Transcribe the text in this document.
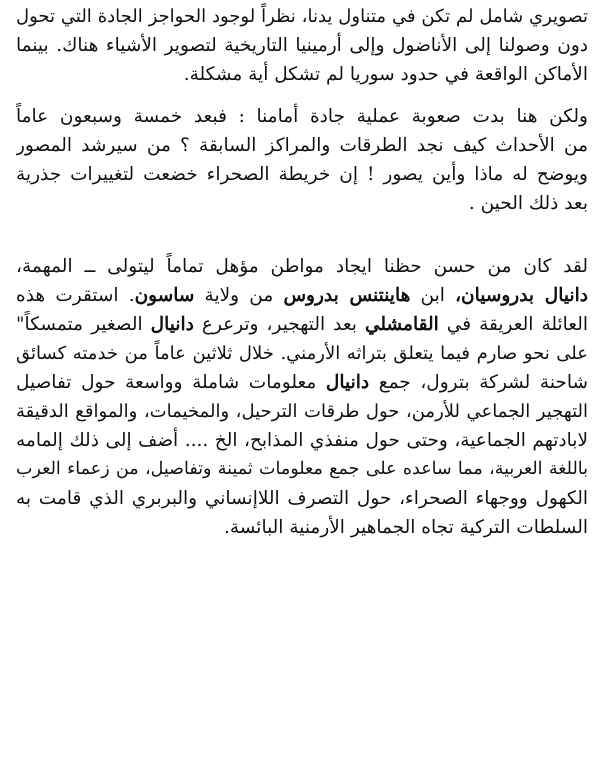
تصويري شامل لم تكن في متناول يدنا، نظراً لوجود الحواجز الجادة التي تحول
دون وصولنا إلى الأناضول وإلى أرمينيا التاريخية لتصوير الأشياء هناك. بينما
الأماكن الواقعة في حدود سوريا لم تشكل أية مشكلة.
ولكن هنا بدت صعوبة عملية جادة أمامنا : فبعد خمسة وسبعون عاماً
من الأحداث كيف نجد الطرقات والمراكز السابقة ؟ من سيرشد المصور
ويوضح له ماذا وأين يصور ! إن خريطة الصحراء خضعت لتغييرات جذرية
بعد ذلك الحين .
لقد كان من حسن حظنا ايجاد مواطن مؤهل تماماً ليتولى ــ المهمة،
دانيال بدروسيان، ابن هاينتنس بدروس من ولاية ساسون. استقرت هذه
العائلة العريقة في القامشلي بعد التهجير، وترعرع دانيال الصغير متمسكاً"
على نحو صارم فيما يتعلق بتراثه الأرمني. خلال ثلاثين عاماً من خدمته كسائق
شاحنة لشركة بترول، جمع دانيال معلومات شاملة وواسعة حول تفاصيل
التهجير الجماعي للأرمن، حول طرقات الترحيل، والمخيمات، والمواقع الدقيقة
لابادتهم الجماعية، وحتى حول منفذي المذابح، الخ .... أضف إلى ذلك إلمامه
باللغة العربية، مما ساعده على جمع معلومات ثمينة وتفاصيل، من زعماء العرب
الكهول ووجهاء الصحراء، حول التصرف اللاإنساني والبربري الذي قامت به
السلطات التركية تجاه الجماهير الأرمنية البائسة.
